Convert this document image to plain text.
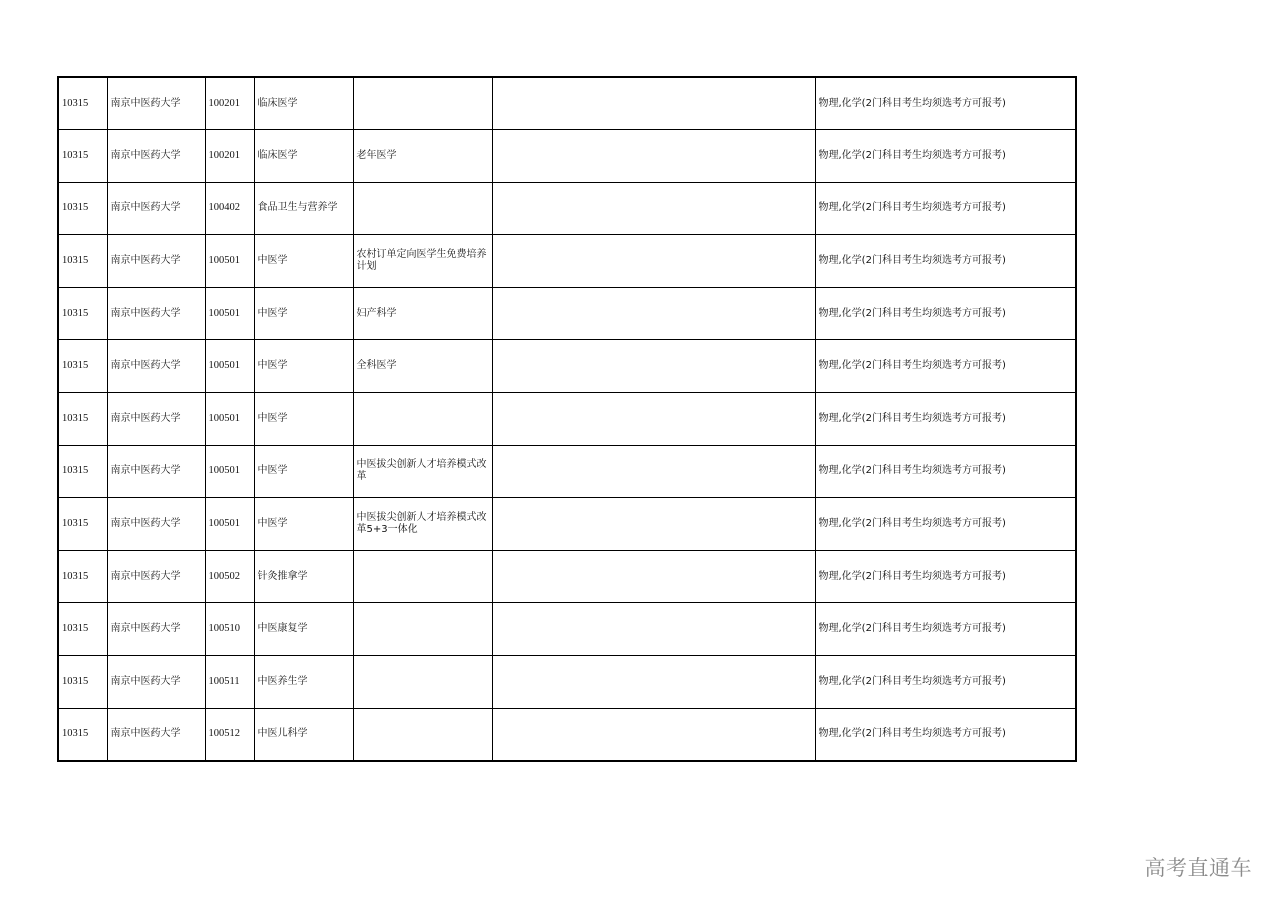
10315	南京中医药大学	100201	临床医学			物理,化学(2门科目考生均须选考方可报考)
10315	南京中医药大学	100201	临床医学	老年医学		物理,化学(2门科目考生均须选考方可报考)
10315	南京中医药大学	100402	食品卫生与营养学			物理,化学(2门科目考生均须选考方可报考)
10315	南京中医药大学	100501	中医学	农村订单定向医学生免费培养计划		物理,化学(2门科目考生均须选考方可报考)
10315	南京中医药大学	100501	中医学	妇产科学		物理,化学(2门科目考生均须选考方可报考)
10315	南京中医药大学	100501	中医学	全科医学		物理,化学(2门科目考生均须选考方可报考)
10315	南京中医药大学	100501	中医学			物理,化学(2门科目考生均须选考方可报考)
10315	南京中医药大学	100501	中医学	中医拔尖创新人才培养模式改革		物理,化学(2门科目考生均须选考方可报考)
10315	南京中医药大学	100501	中医学	中医拔尖创新人才培养模式改革5+3一体化		物理,化学(2门科目考生均须选考方可报考)
10315	南京中医药大学	100502	针灸推拿学			物理,化学(2门科目考生均须选考方可报考)
10315	南京中医药大学	100510	中医康复学			物理,化学(2门科目考生均须选考方可报考)
10315	南京中医药大学	100511	中医养生学			物理,化学(2门科目考生均须选考方可报考)
10315	南京中医药大学	100512	中医儿科学			物理,化学(2门科目考生均须选考方可报考)
高考直通车
